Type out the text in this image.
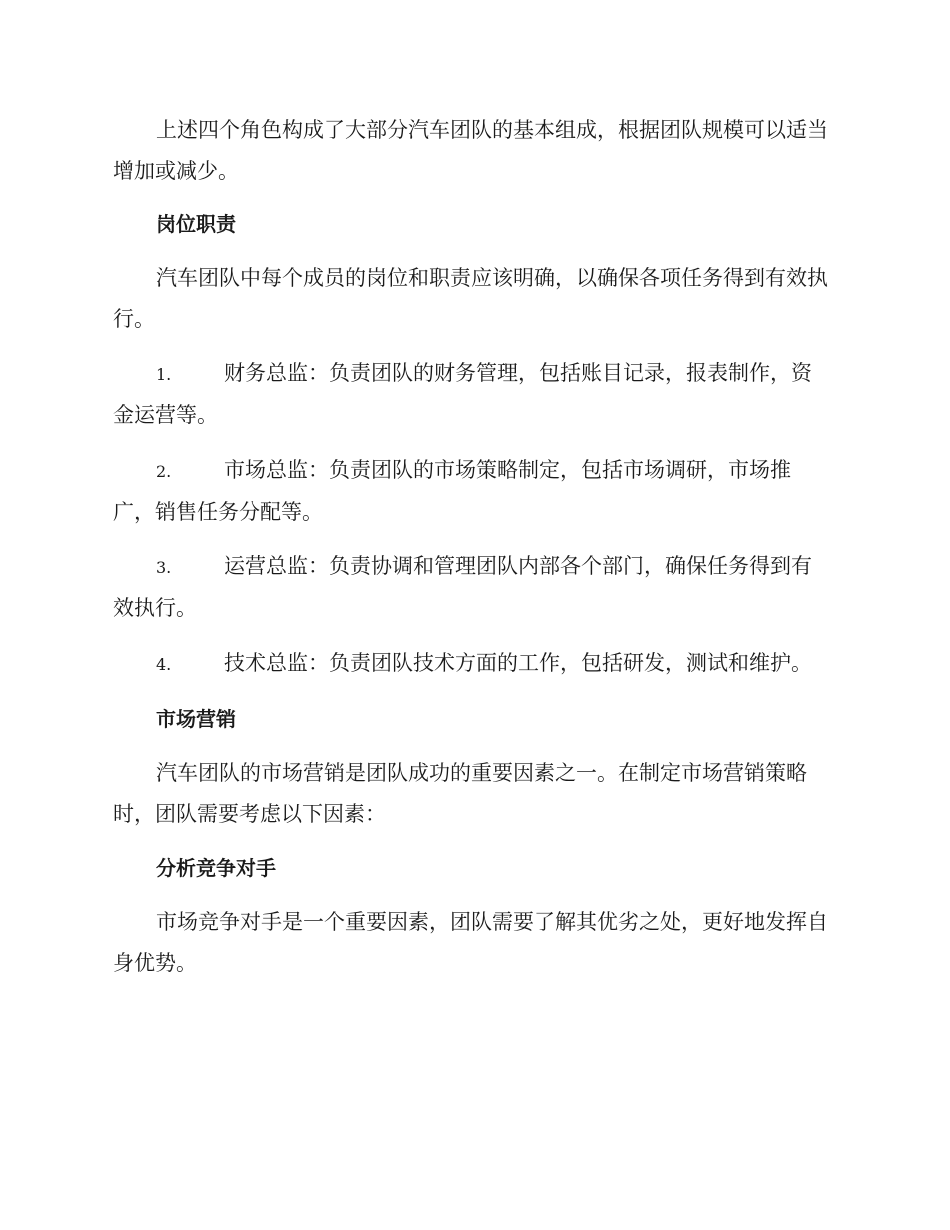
上述四个角色构成了大部分汽车团队的基本组成，根据团队规模可以适当增加或减少。

岗位职责

汽车团队中每个成员的岗位和职责应该明确，以确保各项任务得到有效执行。

1.	财务总监：负责团队的财务管理，包括账目记录，报表制作，资金运营等。

2.	市场总监：负责团队的市场策略制定，包括市场调研，市场推广，销售任务分配等。

3.	运营总监：负责协调和管理团队内部各个部门，确保任务得到有效执行。

4.	技术总监：负责团队技术方面的工作，包括研发，测试和维护。

市场营销

汽车团队的市场营销是团队成功的重要因素之一。在制定市场营销策略时，团队需要考虑以下因素：

分析竞争对手

市场竞争对手是一个重要因素，团队需要了解其优劣之处，更好地发挥自身优势。
